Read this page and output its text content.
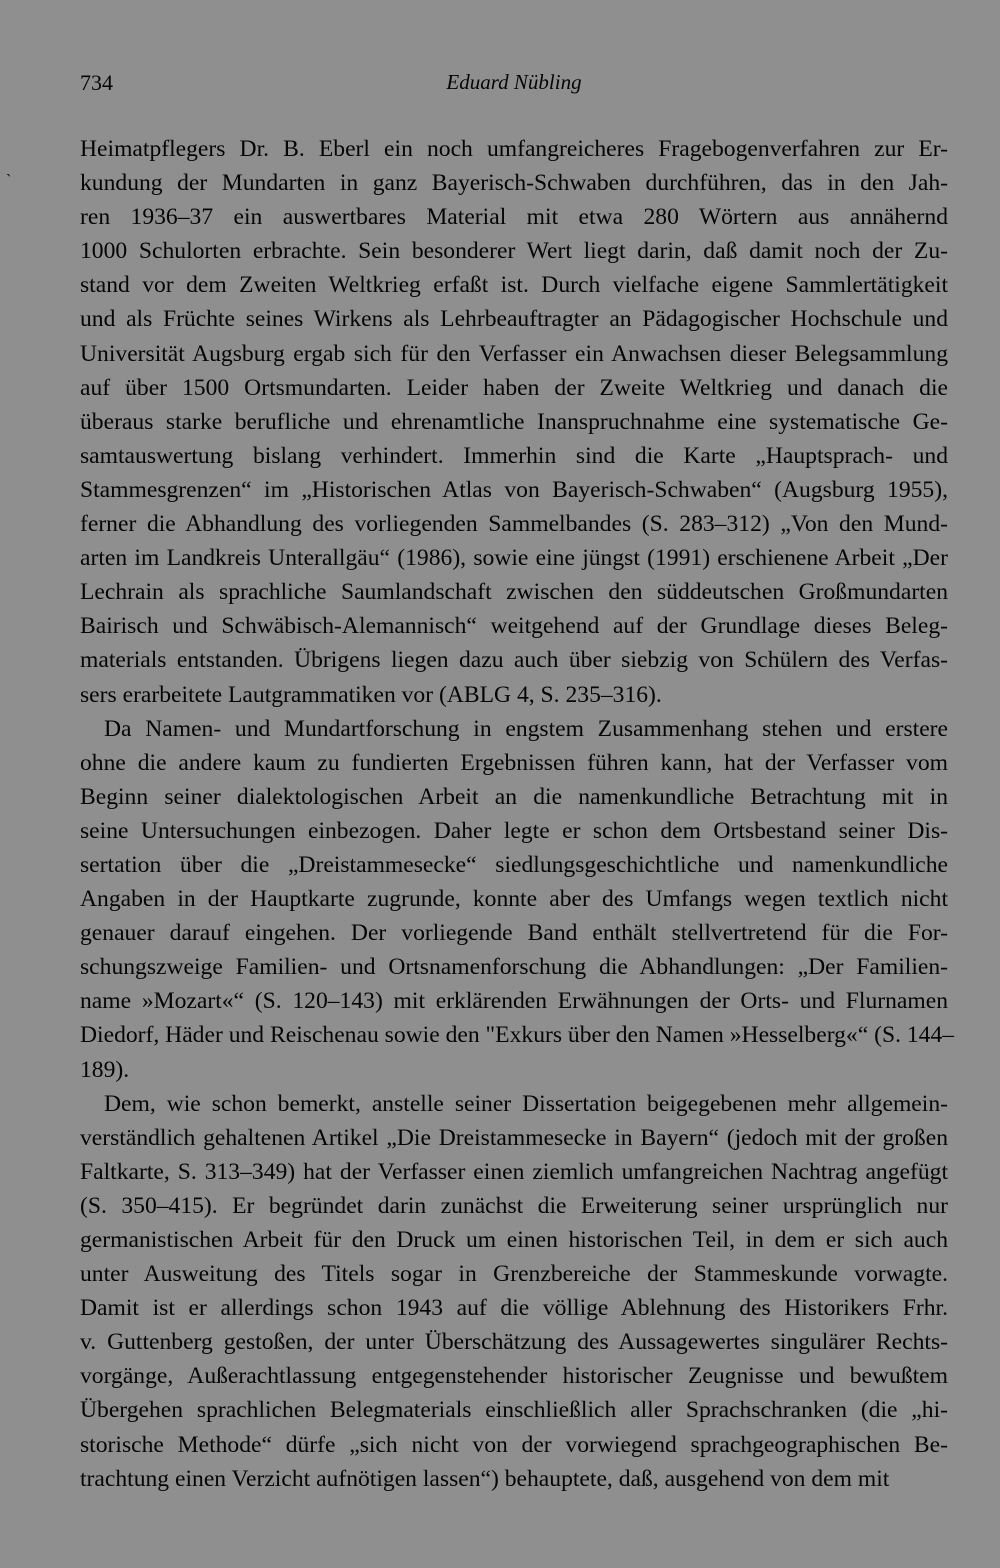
ˋ
734	Eduard Nübling
Heimatpflegers Dr. B. Eberl ein noch umfangreicheres Fragebogenverfahren zur Er-
kundung der Mundarten in ganz Bayerisch-Schwaben durchführen, das in den Jah-
ren 1936–37 ein auswertbares Material mit etwa 280 Wörtern aus annähernd
1000 Schulorten erbrachte. Sein besonderer Wert liegt darin, daß damit noch der Zu-
stand vor dem Zweiten Weltkrieg erfaßt ist. Durch vielfache eigene Sammlertätigkeit
und als Früchte seines Wirkens als Lehrbeauftragter an Pädagogischer Hochschule und
Universität Augsburg ergab sich für den Verfasser ein Anwachsen dieser Belegsammlung
auf über 1500 Ortsmundarten. Leider haben der Zweite Weltkrieg und danach die
überaus starke berufliche und ehrenamtliche Inanspruchnahme eine systematische Ge-
samtauswertung bislang verhindert. Immerhin sind die Karte „Hauptsprach- und
Stammesgrenzen“ im „Historischen Atlas von Bayerisch-Schwaben“ (Augsburg 1955),
ferner die Abhandlung des vorliegenden Sammelbandes (S. 283–312) „Von den Mund-
arten im Landkreis Unterallgäu“ (1986), sowie eine jüngst (1991) erschienene Arbeit „Der
Lechrain als sprachliche Saumlandschaft zwischen den süddeutschen Großmundarten
Bairisch und Schwäbisch-Alemannisch“ weitgehend auf der Grundlage dieses Beleg-
materials entstanden. Übrigens liegen dazu auch über siebzig von Schülern des Verfas-
sers erarbeitete Lautgrammatiken vor (ABLG 4, S. 235–316).
Da Namen- und Mundartforschung in engstem Zusammenhang stehen und erstere
ohne die andere kaum zu fundierten Ergebnissen führen kann, hat der Verfasser vom
Beginn seiner dialektologischen Arbeit an die namenkundliche Betrachtung mit in
seine Untersuchungen einbezogen. Daher legte er schon dem Ortsbestand seiner Dis-
sertation über die „Dreistammesecke“ siedlungsgeschichtliche und namenkundliche
Angaben in der Hauptkarte zugrunde, konnte aber des Umfangs wegen textlich nicht
genauer darauf eingehen. Der vorliegende Band enthält stellvertretend für die For-
schungszweige Familien- und Ortsnamenforschung die Abhandlungen: „Der Familien-
name »Mozart«“ (S. 120–143) mit erklärenden Erwähnungen der Orts- und Flurnamen
Diedorf, Häder und Reischenau sowie den "Exkurs über den Namen »Hesselberg«“ (S. 144–
189).
Dem, wie schon bemerkt, anstelle seiner Dissertation beigegebenen mehr allgemein-
verständlich gehaltenen Artikel „Die Dreistammesecke in Bayern“ (jedoch mit der großen
Faltkarte, S. 313–349) hat der Verfasser einen ziemlich umfangreichen Nachtrag angefügt
(S. 350–415). Er begründet darin zunächst die Erweiterung seiner ursprünglich nur
germanistischen Arbeit für den Druck um einen historischen Teil, in dem er sich auch
unter Ausweitung des Titels sogar in Grenzbereiche der Stammeskunde vorwagte.
Damit ist er allerdings schon 1943 auf die völlige Ablehnung des Historikers Frhr.
v. Guttenberg gestoßen, der unter Überschätzung des Aussagewertes singulärer Rechts-
vorgänge, Außerachtlassung entgegenstehender historischer Zeugnisse und bewußtem
Übergehen sprachlichen Belegmaterials einschließlich aller Sprachschranken (die „hi-
storische Methode“ dürfe „sich nicht von der vorwiegend sprachgeographischen Be-
trachtung einen Verzicht aufnötigen lassen“) behauptete, daß, ausgehend von dem mit
